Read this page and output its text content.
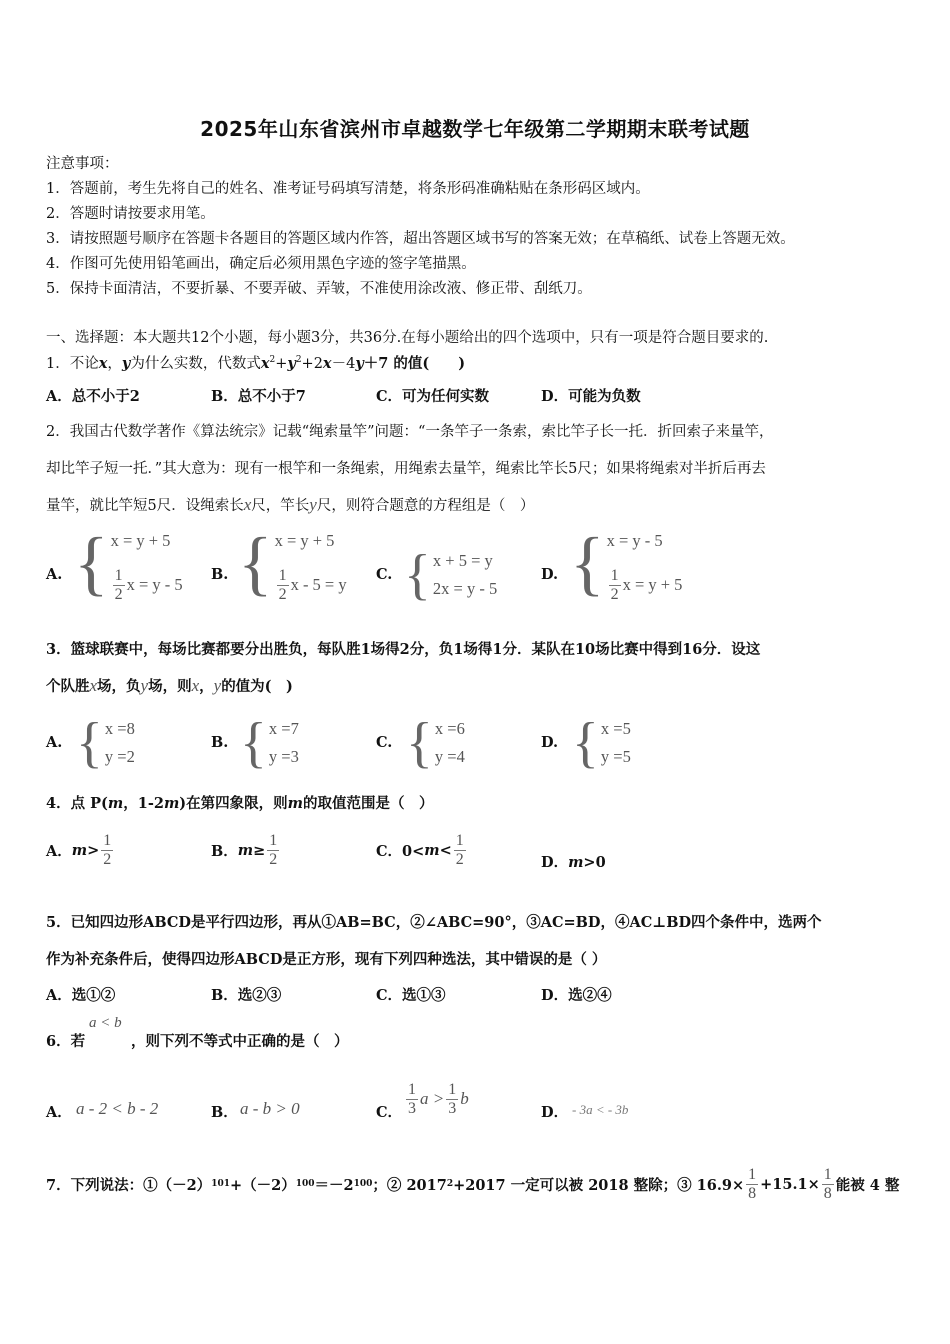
2025年山东省滨州市卓越数学七年级第二学期期末联考试题
注意事项：
1．答题前，考生先将自己的姓名、准考证号码填写清楚，将条形码准确粘贴在条形码区域内。
2．答题时请按要求用笔。
3．请按照题号顺序在答题卡各题目的答题区域内作答，超出答题区域书写的答案无效；在草稿纸、试卷上答题无效。
4．作图可先使用铅笔画出，确定后必须用黑色字迹的签字笔描黑。
5．保持卡面清洁，不要折暴、不要弄破、弄皱，不准使用涂改液、修正带、刮纸刀。
一、选择题：本大题共12个小题，每小题3分，共36分.在每小题给出的四个选项中，只有一项是符合题目要求的.
1．不论x，y为什么实数，代数式$x^2+y^2+2x-4y+7$ 的值(　　)
A．总不小于2	B．总不小于7	C．可为任何实数	D．可能为负数
2．我国古代数学著作《算法统宗》记载“绳索量竿”问题：“一条竿子一条索，索比竿子长一托．折回索子来量竿，
却比竿子短一托．”其大意为：现有一根竿和一条绳索，用绳索去量竿，绳索比竿长5尺；如果将绳索对半折后再去
量竿，就比竿短5尺．设绳索长x尺，竿长y尺，则符合题意的方程组是（　）
A. { x = y + 5
$\frac{1}{2}$ x = y - 5
B. { x = y + 5
$\frac{1}{2}$ x - 5 = y
C. { x + 5 = y
2x = y - 5
D. { x = y - 5
$\frac{1}{2}$ x = y + 5
3．篮球联赛中，每场比赛都要分出胜负，每队胜1场得2分，负1场得1分．某队在10场比赛中得到16分．设这
个队胜x场，负y场，则x，y的值为(　)
A. { x =8
y =2
B. { x =7
y =3
C. { x =6
y =4
D. { x =5
y =5
4．点 P(m，1-2m)在第四象限，则m的取值范围是（　）
A． $m > \frac{1}{2}$	B． $m \ge \frac{1}{2}$	C．$0< m < \frac{1}{2}$	D．m>0
5．已知四边形ABCD是平行四边形，再从①AB=BC，②∠ABC=90°，③AC=BD，④AC⊥BD四个条件中，选两个
作为补充条件后，使得四边形ABCD是正方形，现有下列四种选法，其中错误的是（ ）
A．选①②	B．选②③	C．选①③	D．选②④
6．若
a < b
，则下列不等式中正确的是（　）
A． a - 2 < b - 2	B． a - b > 0	C． $\frac{1}{3}$ $a > \frac{1}{3}$ b
D． - 3a < - 3b
7．下列说法：①（－2） 101 +（－2） 100 ＝－2 100 ；② 2017 2 +2017 一定可以被 2018 整除；③ $16.9\times \frac{1}{8} +15.1\times \frac{1}{8}$ 能被 4 整
